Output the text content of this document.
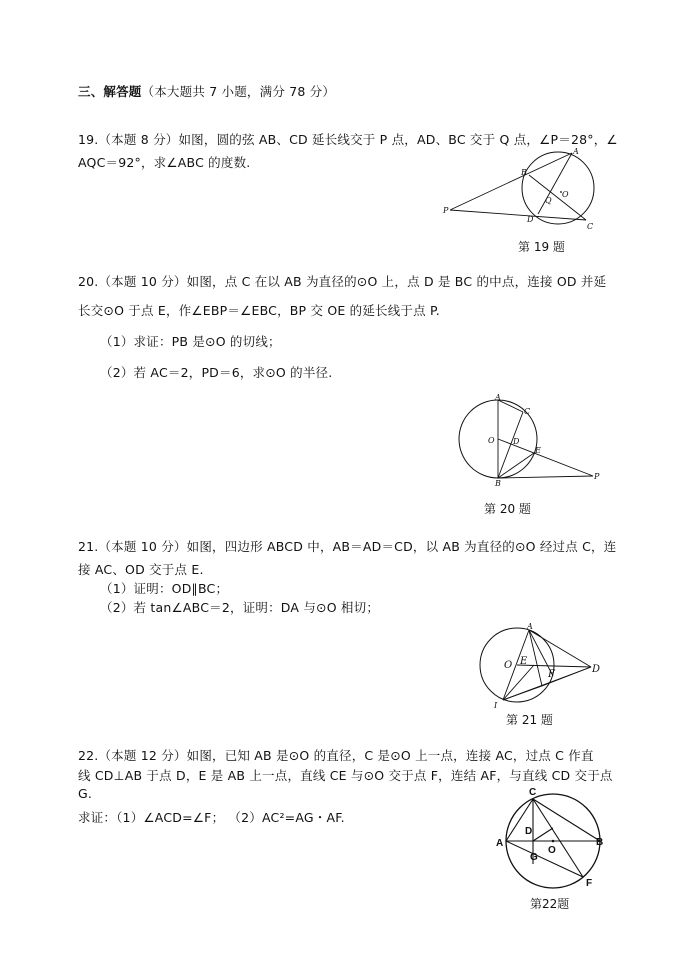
三、解答题（本大题共 7 小题，满分 78 分）
19.（本题 8 分）如图，圆的弦 AB、CD 延长线交于 P 点，AD、BC 交于 Q 点，∠P＝28°，∠
AQC＝92°，求∠ABC 的度数.
A
B
O
Q
D
C
P
第 19 题
20.（本题 10 分）如图，点 C 在以 AB 为直径的⊙O 上，点 D 是 BC 的中点，连接 OD 并延
长交⊙O 于点 E，作∠EBP＝∠EBC，BP 交 OE 的延长线于点 P.
（1）求证：PB 是⊙O 的切线；
（2）若 AC＝2，PD＝6，求⊙O 的半径.
A
C
O D
E
B
P
第 20 题
21.（本题 10 分）如图，四边形 ABCD 中，AB＝AD＝CD，以 AB 为直径的⊙O 经过点 C，连
接 AC、OD 交于点 E.
（1）证明：OD∥BC；
（2）若 tan∠ABC＝2，证明：DA 与⊙O 相切；
A
O E
F	D
I
第 21 题
22.（本题 12 分）如图，已知 AB 是⊙O 的直径，C 是⊙O 上一点，连接 AC，过点 C 作直
线 CD⊥AB 于点 D，E 是 AB 上一点，直线 CE 与⊙O 交于点 F，连结 AF，与直线 CD 交于点
G.
求证：（1）∠ACD=∠F； （2）AC²=AG・AF.
C
A
D
G
O
B
F
第22题
